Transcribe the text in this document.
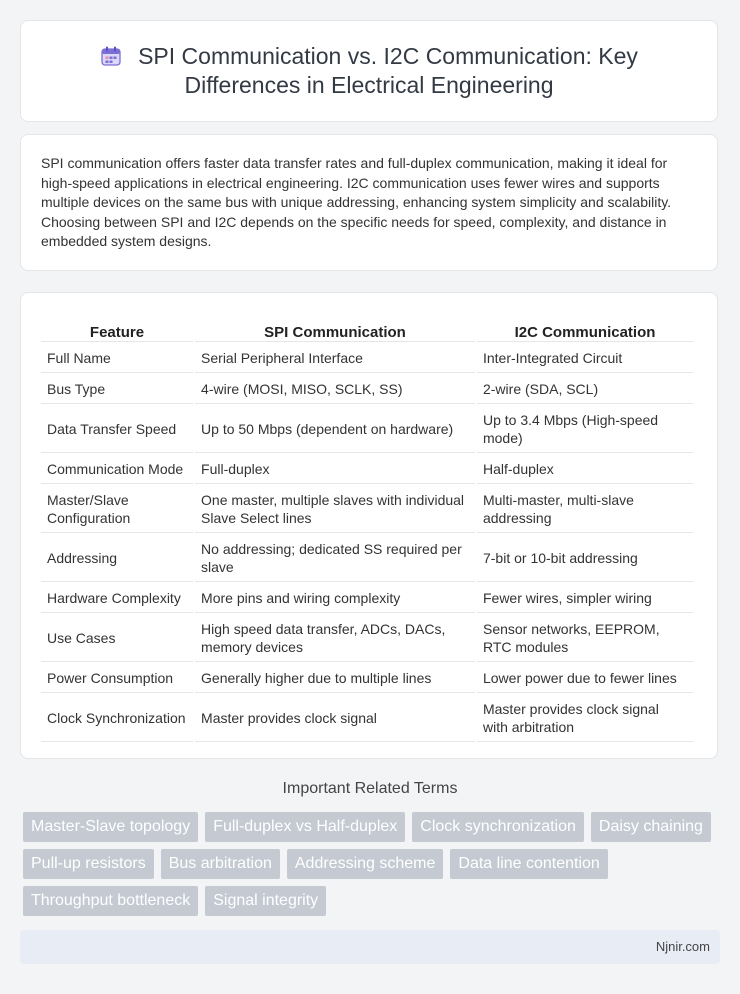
SPI Communication vs. I2C Communication: Key Differences in Electrical Engineering

SPI communication offers faster data transfer rates and full-duplex communication, making it ideal for high-speed applications in electrical engineering. I2C communication uses fewer wires and supports multiple devices on the same bus with unique addressing, enhancing system simplicity and scalability. Choosing between SPI and I2C depends on the specific needs for speed, complexity, and distance in embedded system designs.

Feature	SPI Communication	I2C Communication
Full Name	Serial Peripheral Interface	Inter-Integrated Circuit
Bus Type	4-wire (MOSI, MISO, SCLK, SS)	2-wire (SDA, SCL)
Data Transfer Speed	Up to 50 Mbps (dependent on hardware)	Up to 3.4 Mbps (High-speed mode)
Communication Mode	Full-duplex	Half-duplex
Master/Slave Configuration	One master, multiple slaves with individual Slave Select lines	Multi-master, multi-slave addressing
Addressing	No addressing; dedicated SS required per slave	7-bit or 10-bit addressing
Hardware Complexity	More pins and wiring complexity	Fewer wires, simpler wiring
Use Cases	High speed data transfer, ADCs, DACs, memory devices	Sensor networks, EEPROM, RTC modules
Power Consumption	Generally higher due to multiple lines	Lower power due to fewer lines
Clock Synchronization	Master provides clock signal	Master provides clock signal with arbitration
Important Related Terms
Master-Slave topology	Full-duplex vs Half-duplex	Clock synchronization	Daisy chaining
Pull-up resistors	Bus arbitration	Addressing scheme	Data line contention
Throughput bottleneck	Signal integrity
Njnir.com
